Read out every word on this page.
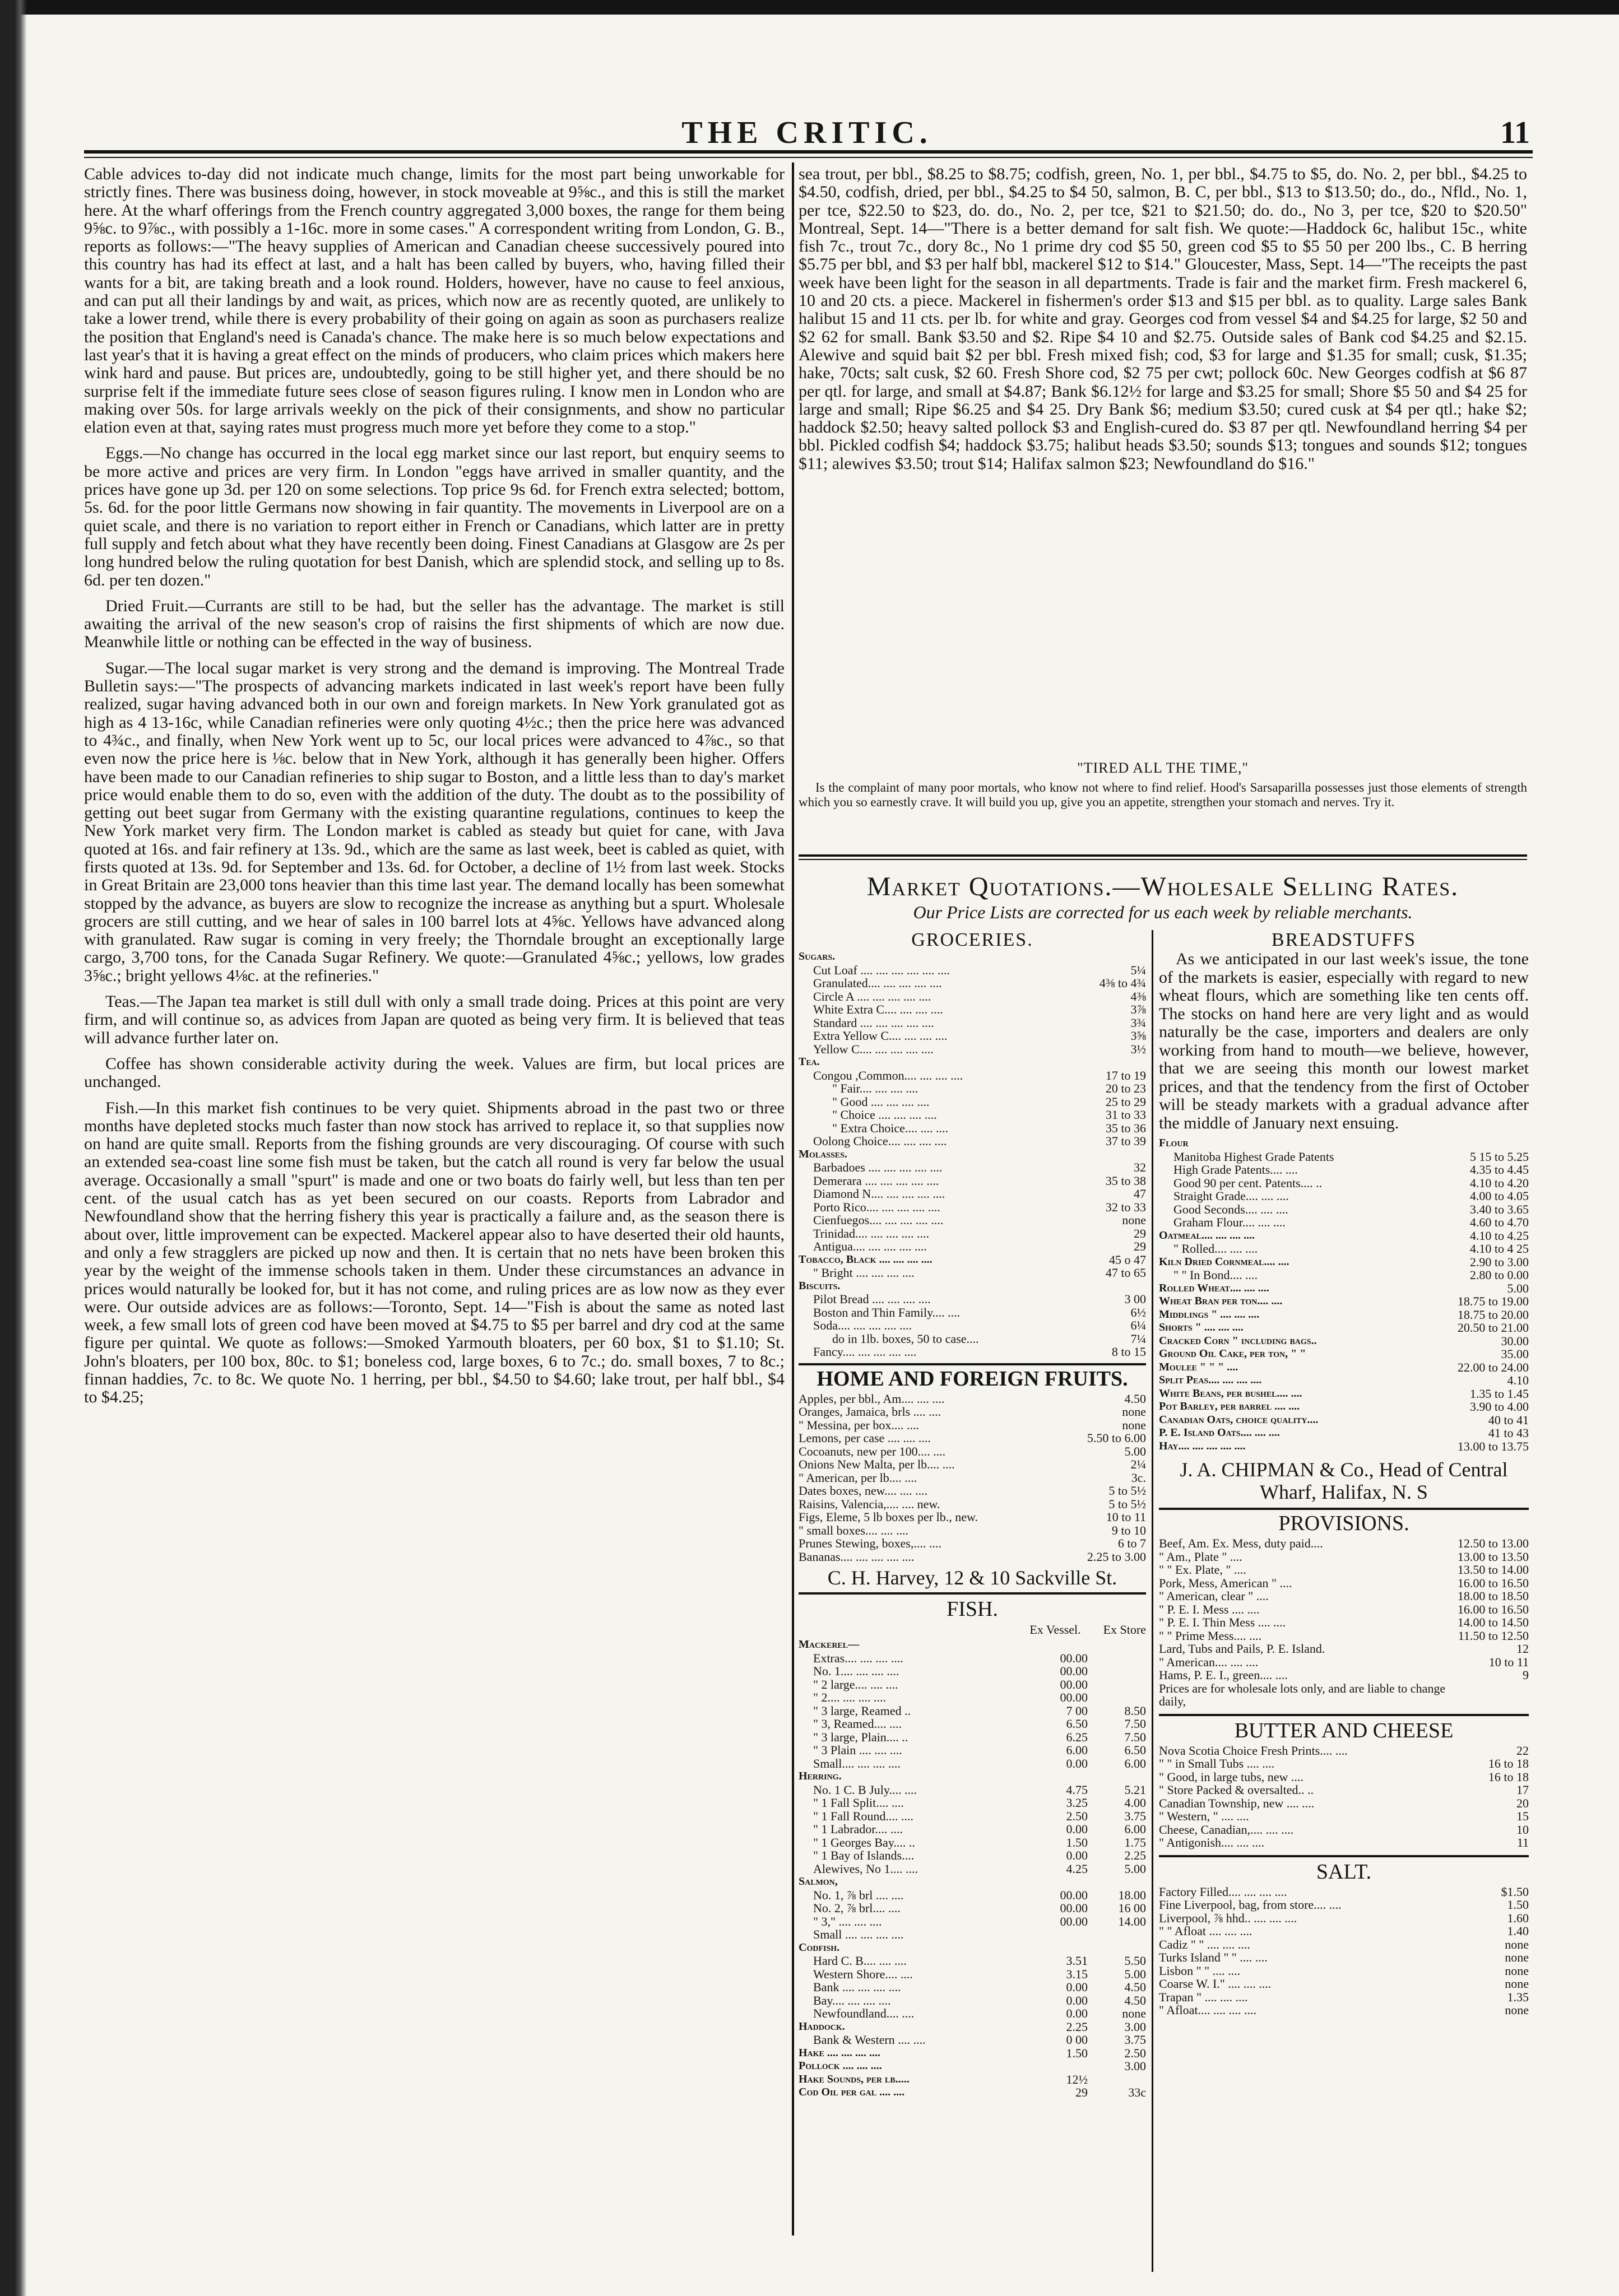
THE CRITIC.	11

Cable advices to-day did not indicate much change, limits for the most part being unworkable for strictly fines. There was business doing, however, in stock moveable at 9⅝c., and this is still the market here. At the wharf offerings from the French country aggregated 3,000 boxes, the range for them being 9⅝c. to 9⅞c., with possibly a 1-16c. more in some cases." A correspondent writing from London, G. B., reports as follows:—"The heavy supplies of American and Canadian cheese successively poured into this country has had its effect at last, and a halt has been called by buyers, who, having filled their wants for a bit, are taking breath and a look round. Holders, however, have no cause to feel anxious, and can put all their landings by and wait, as prices, which now are as recently quoted, are unlikely to take a lower trend, while there is every probability of their going on again as soon as purchasers realize the position that England's need is Canada's chance. The make here is so much below expectations and last year's that it is having a great effect on the minds of producers, who claim prices which makers here wink hard and pause. But prices are, undoubtedly, going to be still higher yet, and there should be no surprise felt if the immediate future sees close of season figures ruling. I know men in London who are making over 50s. for large arrivals weekly on the pick of their consignments, and show no particular elation even at that, saying rates must progress much more yet before they come to a stop."

Eggs.—No change has occurred in the local egg market since our last report, but enquiry seems to be more active and prices are very firm. In London "eggs have arrived in smaller quantity, and the prices have gone up 3d. per 120 on some selections. Top price 9s 6d. for French extra selected; bottom, 5s. 6d. for the poor little Germans now showing in fair quantity. The movements in Liverpool are on a quiet scale, and there is no variation to report either in French or Canadians, which latter are in pretty full supply and fetch about what they have recently been doing. Finest Canadians at Glasgow are 2s per long hundred below the ruling quotation for best Danish, which are splendid stock, and selling up to 8s. 6d. per ten dozen."

Dried Fruit.—Currants are still to be had, but the seller has the advantage. The market is still awaiting the arrival of the new season's crop of raisins the first shipments of which are now due. Meanwhile little or nothing can be effected in the way of business.

Sugar.—The local sugar market is very strong and the demand is improving. The Montreal Trade Bulletin says:—"The prospects of advancing markets indicated in last week's report have been fully realized, sugar having advanced both in our own and foreign markets. In New York granulated got as high as 4 13-16c, while Canadian refineries were only quoting 4½c.; then the price here was advanced to 4¾c., and finally, when New York went up to 5c, our local prices were advanced to 4⅞c., so that even now the price here is ⅛c. below that in New York, although it has generally been higher. Offers have been made to our Canadian refineries to ship sugar to Boston, and a little less than to day's market price would enable them to do so, even with the addition of the duty. The doubt as to the possibility of getting out beet sugar from Germany with the existing quarantine regulations, continues to keep the New York market very firm. The London market is cabled as steady but quiet for cane, with Java quoted at 16s. and fair refinery at 13s. 9d., which are the same as last week, beet is cabled as quiet, with firsts quoted at 13s. 9d. for September and 13s. 6d. for October, a decline of 1½ from last week. Stocks in Great Britain are 23,000 tons heavier than this time last year. The demand locally has been somewhat stopped by the advance, as buyers are slow to recognize the increase as anything but a spurt. Wholesale grocers are still cutting, and we hear of sales in 100 barrel lots at 4⅝c. Yellows have advanced along with granulated. Raw sugar is coming in very freely; the Thorndale brought an exceptionally large cargo, 3,700 tons, for the Canada Sugar Refinery. We quote:—Granulated 4⅝c.; yellows, low grades 3⅝c.; bright yellows 4⅛c. at the refineries."

Teas.—The Japan tea market is still dull with only a small trade doing. Prices at this point are very firm, and will continue so, as advices from Japan are quoted as being very firm. It is believed that teas will advance further later on.

Coffee has shown considerable activity during the week. Values are firm, but local prices are unchanged.

Fish.—In this market fish continues to be very quiet. Shipments abroad in the past two or three months have depleted stocks much faster than now stock has arrived to replace it, so that supplies now on hand are quite small. Reports from the fishing grounds are very discouraging. Of course with such an extended sea-coast line some fish must be taken, but the catch all round is very far below the usual average. Occasionally a small "spurt" is made and one or two boats do fairly well, but less than ten per cent. of the usual catch has as yet been secured on our coasts. Reports from Labrador and Newfoundland show that the herring fishery this year is practically a failure and, as the season there is about over, little improvement can be expected. Mackerel appear also to have deserted their old haunts, and only a few stragglers are picked up now and then. It is certain that no nets have been broken this year by the weight of the immense schools taken in them. Under these circumstances an advance in prices would naturally be looked for, but it has not come, and ruling prices are as low now as they ever were. Our outside advices are as follows:—Toronto, Sept. 14—"Fish is about the same as noted last week, a few small lots of green cod have been moved at $4.75 to $5 per barrel and dry cod at the same figure per quintal. We quote as follows:—Smoked Yarmouth bloaters, per 60 box, $1 to $1.10; St. John's bloaters, per 100 box, 80c. to $1; boneless cod, large boxes, 6 to 7c.; do. small boxes, 7 to 8c.; finnan haddies, 7c. to 8c. We quote No. 1 herring, per bbl., $4.50 to $4.60; lake trout, per half bbl., $4 to $4.25;

sea trout, per bbl., $8.25 to $8.75; codfish, green, No. 1, per bbl., $4.75 to $5, do. No. 2, per bbl., $4.25 to $4.50, codfish, dried, per bbl., $4.25 to $4 50, salmon, B. C, per bbl., $13 to $13.50; do., do., Nfld., No. 1, per tce, $22.50 to $23, do. do., No. 2, per tce, $21 to $21.50; do. do., No 3, per tce, $20 to $20.50" Montreal, Sept. 14—"There is a better demand for salt fish. We quote:—Haddock 6c, halibut 15c., white fish 7c., trout 7c., dory 8c., No 1 prime dry cod $5 50, green cod $5 to $5 50 per 200 lbs., C. B herring $5.75 per bbl, and $3 per half bbl, mackerel $12 to $14." Gloucester, Mass, Sept. 14—"The receipts the past week have been light for the season in all departments. Trade is fair and the market firm. Fresh mackerel 6, 10 and 20 cts. a piece. Mackerel in fishermen's order $13 and $15 per bbl. as to quality. Large sales Bank halibut 15 and 11 cts. per lb. for white and gray. Georges cod from vessel $4 and $4.25 for large, $2 50 and $2 62 for small. Bank $3.50 and $2. Ripe $4 10 and $2.75. Outside sales of Bank cod $4.25 and $2.15. Alewive and squid bait $2 per bbl. Fresh mixed fish; cod, $3 for large and $1.35 for small; cusk, $1.35; hake, 70cts; salt cusk, $2 60. Fresh Shore cod, $2 75 per cwt; pollock 60c. New Georges codfish at $6 87 per qtl. for large, and small at $4.87; Bank $6.12½ for large and $3.25 for small; Shore $5 50 and $4 25 for large and small; Ripe $6.25 and $4 25. Dry Bank $6; medium $3.50; cured cusk at $4 per qtl.; hake $2; haddock $2.50; heavy salted pollock $3 and English-cured do. $3 87 per qtl. Newfoundland herring $4 per bbl. Pickled codfish $4; haddock $3.75; halibut heads $3.50; sounds $13; tongues and sounds $12; tongues $11; alewives $3.50; trout $14; Halifax salmon $23; Newfoundland do $16."

"TIRED ALL THE TIME,"
Is the complaint of many poor mortals, who know not where to find relief. Hood's Sarsaparilla possesses just those elements of strength which you so earnestly crave. It will build you up, give you an appetite, strengthen your stomach and nerves. Try it.
Market Quotations.—Wholesale Selling Rates.
Our Price Lists are corrected for us each week by reliable merchants.
GROCERIES.
Sugars.	
Cut Loaf .... .... .... .... .... ....	5¼
Granulated.... .... .... .... ....	4⅜ to 4¾
Circle A .... .... .... .... ....	4⅜
White Extra C.... .... .... ....	3⅞
Standard .... .... .... .... ....	3¾
Extra Yellow C.... .... .... ....	3⅝
Yellow C.... .... .... .... ....	3½
Tea.	
Congou ,Common.... .... .... ....	17 to 19
" Fair.... .... .... ....	20 to 23
" Good .... .... .... ....	25 to 29
" Choice .... .... .... ....	31 to 33
" Extra Choice.... .... ....	35 to 36
Oolong Choice.... .... .... ....	37 to 39
Molasses.	
Barbadoes .... .... .... .... ....	32
Demerara .... .... .... .... ....	35 to 38
Diamond N.... .... .... .... ....	47
Porto Rico.... .... .... .... ....	32 to 33
Cienfuegos.... .... .... .... ....	none
Trinidad.... .... .... .... ....	29
Antigua.... .... .... .... ....	29
Tobacco, Black .... .... .... ....	45 o 47
" Bright .... .... .... ....	47 to 65
Biscuits.	
Pilot Bread .... .... .... ....	3 00
Boston and Thin Family.... ....	6½
Soda.... .... .... .... ....	6¼
do in 1lb. boxes, 50 to case....	7¼
Fancy.... .... .... .... ....	8 to 15
HOME AND FOREIGN FRUITS.
Apples, per bbl., Am.... .... ....	4.50
Oranges, Jamaica, brls .... ....	none
" Messina, per box.... ....	none
Lemons, per case .... .... ....	5.50 to 6.00
Cocoanuts, new per 100.... ....	5.00
Onions New Malta, per lb.... ....	2¼
" American, per lb.... ....	3c.
Dates boxes, new.... .... ....	5 to 5½
Raisins, Valencia,.... .... new.	5 to 5½
Figs, Eleme, 5 lb boxes per lb., new.	10 to 11
" small boxes.... .... ....	9 to 10
Prunes Stewing, boxes,.... ....	6 to 7
Bananas.... .... .... .... ....	2.25 to 3.00
C. H. Harvey, 12 & 10 Sackville St.
FISH.
Ex Vessel. Ex Store
Mackerel—		
Extras.... .... .... ....	00.00	
No. 1.... .... .... ....	00.00	
" 2 large.... .... ....	00.00	
" 2.... .... .... ....	00.00	
" 3 large, Reamed ..	7 00	8.50
" 3, Reamed.... ....	6.50	7.50
" 3 large, Plain.... ..	6.25	7.50
" 3 Plain .... .... ....	6.00	6.50
Small.... .... .... ....	0.00	6.00
Herring.		
No. 1 C. B July.... ....	4.75	5.21
" 1 Fall Split.... ....	3.25	4.00
" 1 Fall Round.... ....	2.50	3.75
" 1 Labrador.... ....	0.00	6.00
" 1 Georges Bay.... ..	1.50	1.75
" 1 Bay of Islands....	0.00	2.25
Alewives, No 1.... ....	4.25	5.00
Salmon,		
No. 1, ⅞ brl .... ....	00.00	18.00
No. 2, ⅞ brl.... ....	00.00	16 00
" 3," .... .... ....	00.00	14.00
Small .... .... .... ....		
Codfish.		
Hard C. B.... .... ....	3.51	5.50
Western Shore.... ....	3.15	5.00
Bank .... .... .... ....	0.00	4.50
Bay.... .... .... ....	0.00	4.50
Newfoundland.... ....	0.00	none
Haddock.	2.25	3.00
Bank & Western .... ....	0 00	3.75
Hake .... .... .... ....	1.50	2.50
Pollock .... .... ....		3.00
Hake Sounds, per lb.....	12½	
Cod Oil per gal .... ....	29	33c
BREADSTUFFS

As we anticipated in our last week's issue, the tone of the markets is easier, especially with regard to new wheat flours, which are something like ten cents off. The stocks on hand here are very light and as would naturally be the case, importers and dealers are only working from hand to mouth—we believe, however, that we are seeing this month our lowest market prices, and that the tendency from the first of October will be steady markets with a gradual advance after the middle of January next ensuing.

Flour	
Manitoba Highest Grade Patents	5 15 to 5.25
High Grade Patents.... ....	4.35 to 4.45
Good 90 per cent. Patents.... ..	4.10 to 4.20
Straight Grade.... .... ....	4.00 to 4.05
Good Seconds.... .... ....	3.40 to 3.65
Graham Flour.... .... ....	4.60 to 4.70
Oatmeal.... .... .... ....	4.10 to 4.25
" Rolled.... .... ....	4.10 to 4 25
Kiln Dried Cornmeal.... ....	2.90 to 3.00
" " In Bond.... ....	2.80 to 0.00
Rolled Wheat.... .... ....	5.00
Wheat Bran per ton.... ....	18.75 to 19.00
Middlings " .... .... ....	18.75 to 20.00
Shorts " .... .... ....	20.50 to 21.00
Cracked Corn " including bags..	30.00
Ground Oil Cake, per ton, " "	35.00
Moulee " " " ....	22.00 to 24.00
Split Peas.... .... .... ....	4.10
White Beans, per bushel.... ....	1.35 to 1.45
Pot Barley, per barrel .... ....	3.90 to 4.00
Canadian Oats, choice quality....	40 to 41
P. E. Island Oats.... .... ....	41 to 43
Hay.... .... .... .... ....	13.00 to 13.75
J. A. CHIPMAN & Co., Head of Central Wharf, Halifax, N. S
PROVISIONS.
Beef, Am. Ex. Mess, duty paid....	12.50 to 13.00
" Am., Plate " ....	13.00 to 13.50
" " Ex. Plate, " ....	13.50 to 14.00
Pork, Mess, American " ....	16.00 to 16.50
" American, clear " ....	18.00 to 18.50
" P. E. I. Mess .... ....	16.00 to 16.50
" P. E. I. Thin Mess .... ....	14.00 to 14.50
" " Prime Mess.... ....	11.50 to 12.50
Lard, Tubs and Pails, P. E. Island.	12
" American.... .... ....	10 to 11
Hams, P. E. I., green.... ....	9
Prices are for wholesale lots only, and are liable to change daily,	
BUTTER AND CHEESE
Nova Scotia Choice Fresh Prints.... ....	22
" " in Small Tubs .... ....	16 to 18
" Good, in large tubs, new ....	16 to 18
" Store Packed & oversalted.. ..	17
Canadian Township, new .... ....	20
" Western, " .... ....	15
Cheese, Canadian,.... .... ....	10
" Antigonish.... .... ....	11
SALT.
Factory Filled.... .... .... ....	$1.50
Fine Liverpool, bag, from store.... ....	1.50
Liverpool, ⅞ hhd.. .... .... ....	1.60
" " Afloat .... .... ....	1.40
Cadiz " " .... .... ....	none
Turks Island " " .... ....	none
Lisbon " " .... ....	none
Coarse W. I." .... .... ....	none
Trapan " .... .... ....	1.35
" Afloat.... .... .... ....	none
